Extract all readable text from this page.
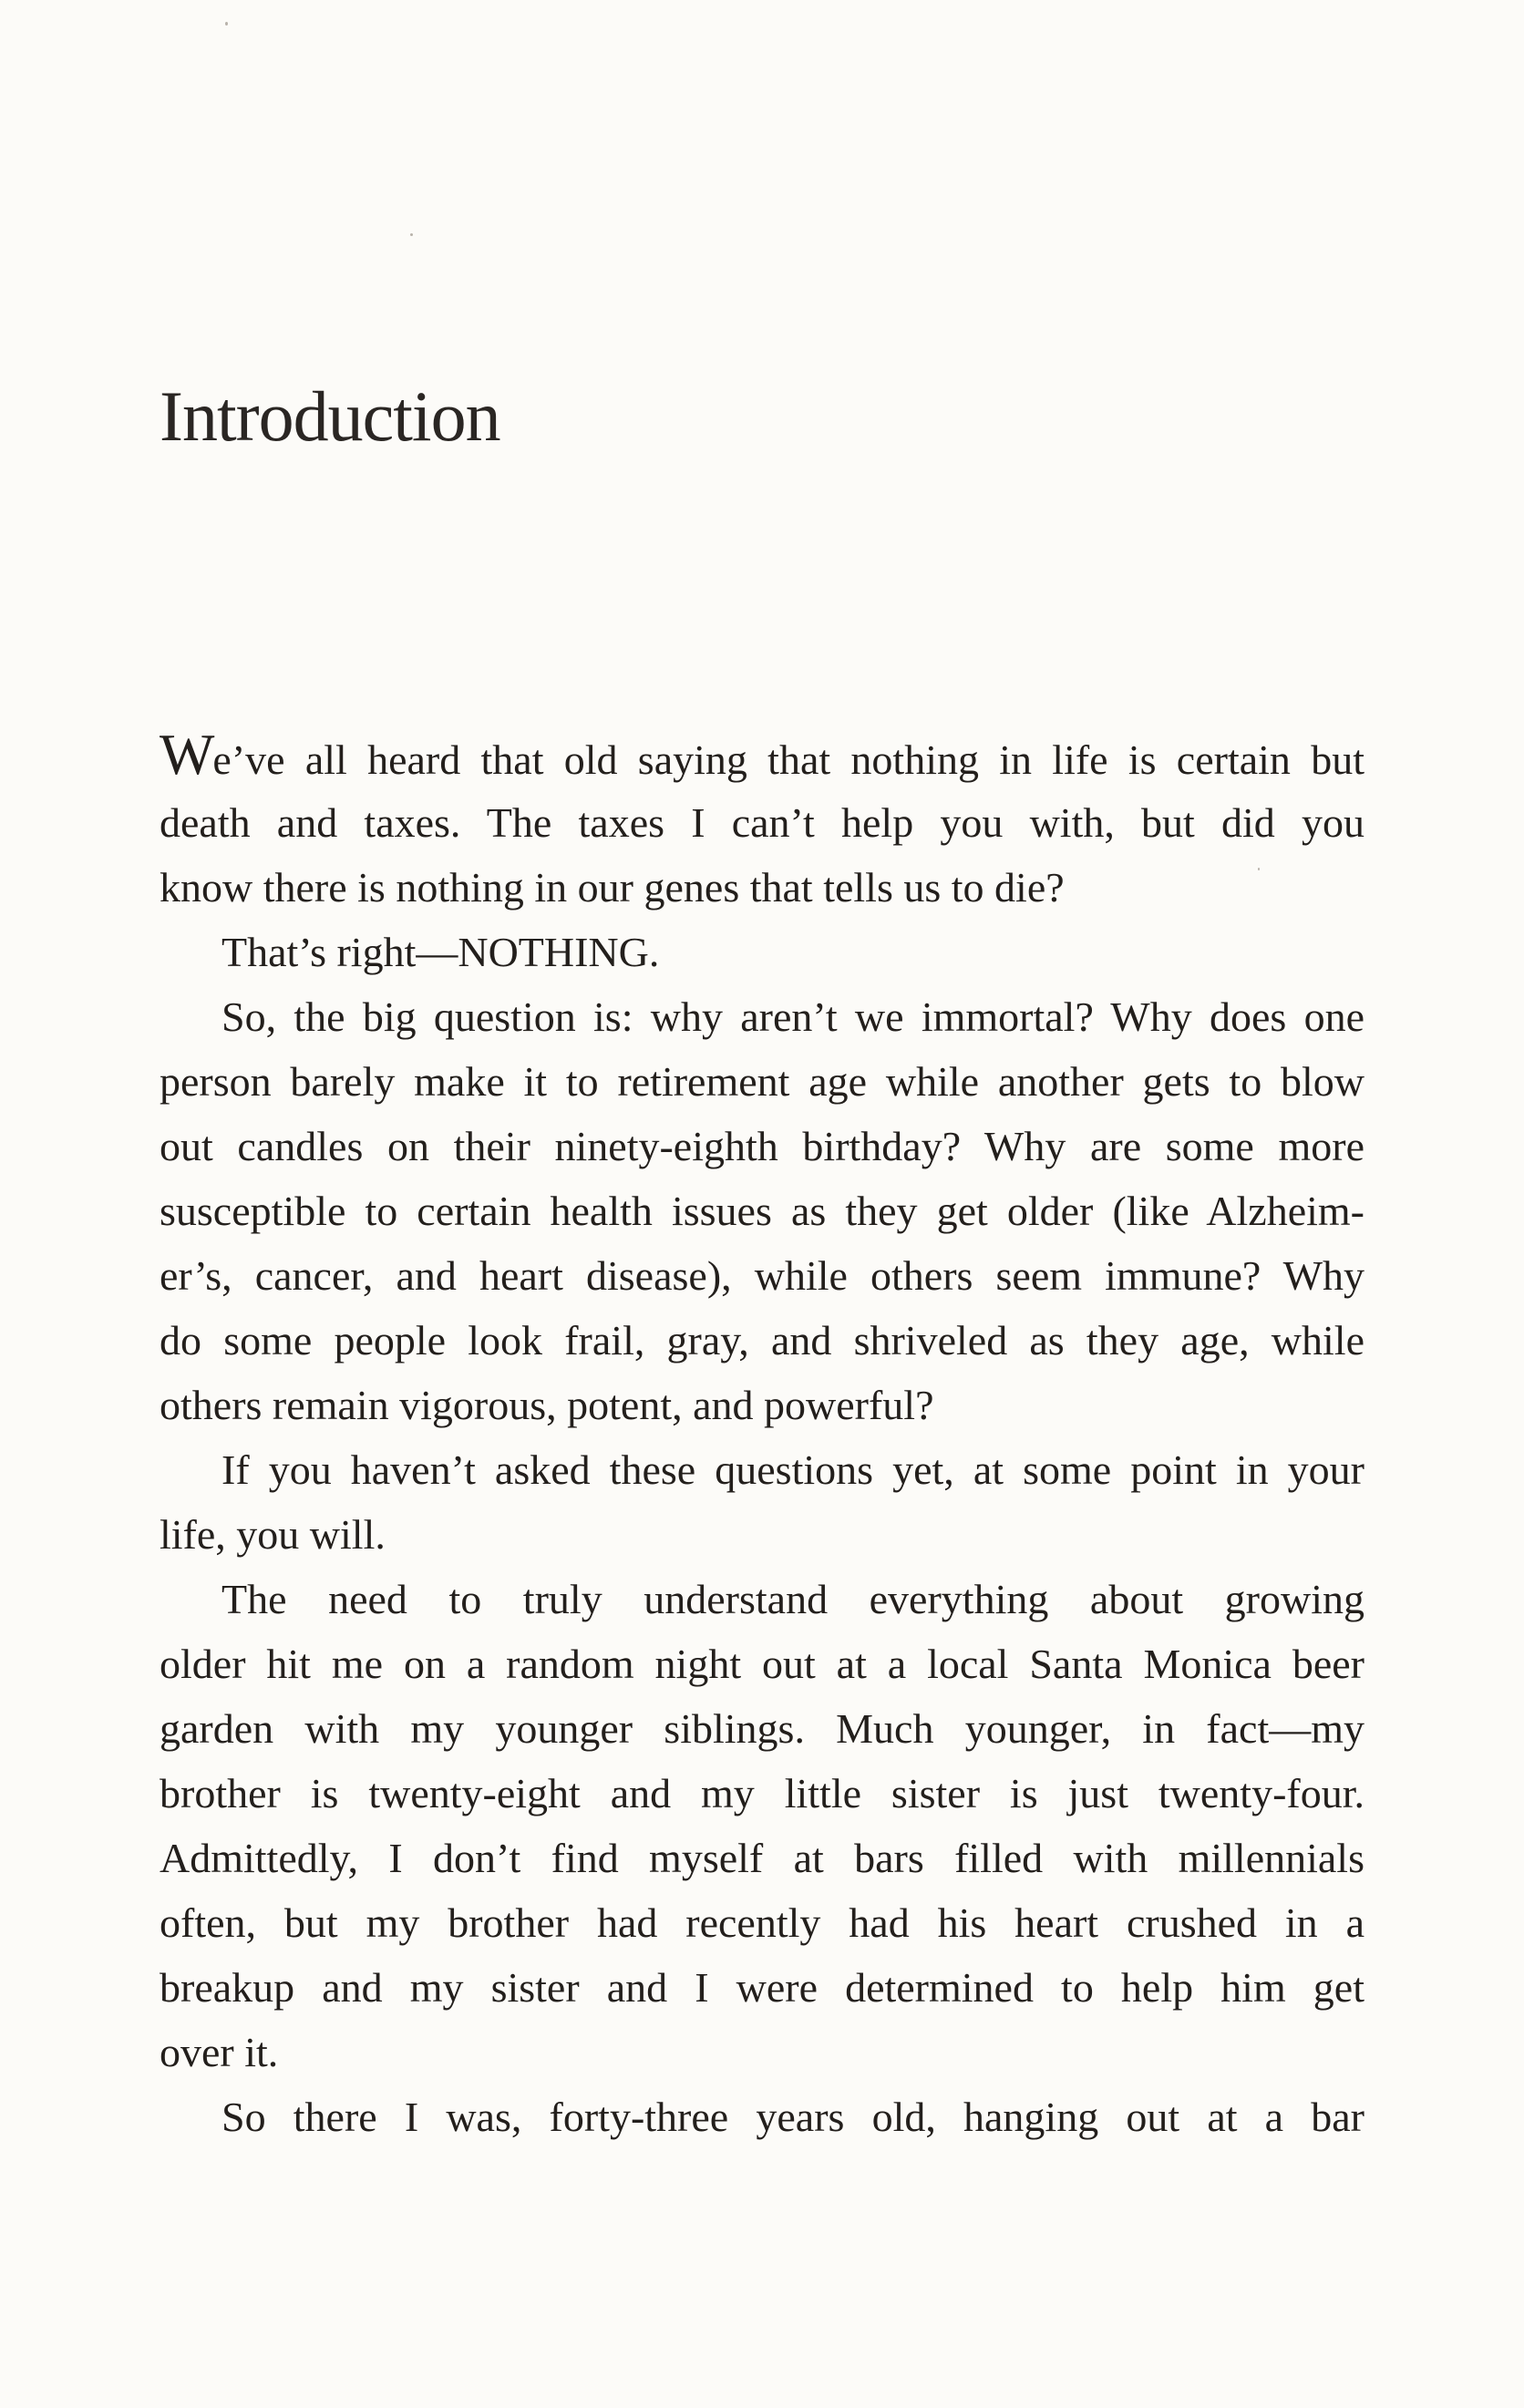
Introduction
We’ve all heard that old saying that nothing in life is certain but
death and taxes. The taxes I can’t help you with, but did you
know there is nothing in our genes that tells us to die?
That’s right—NOTHING.
So, the big question is: why aren’t we immortal? Why does one
person barely make it to retirement age while another gets to blow
out candles on their ninety-eighth birthday? Why are some more
susceptible to certain health issues as they get older (like Alzheim-
er’s, cancer, and heart disease), while others seem immune? Why
do some people look frail, gray, and shriveled as they age, while
others remain vigorous, potent, and powerful?
If you haven’t asked these questions yet, at some point in your
life, you will.
The need to truly understand everything about growing
older hit me on a random night out at a local Santa Monica beer
garden with my younger siblings. Much younger, in fact—my
brother is twenty-eight and my little sister is just twenty-four.
Admittedly, I don’t find myself at bars filled with millennials
often, but my brother had recently had his heart crushed in a
breakup and my sister and I were determined to help him get
over it.
So there I was, forty-three years old, hanging out at a bar
